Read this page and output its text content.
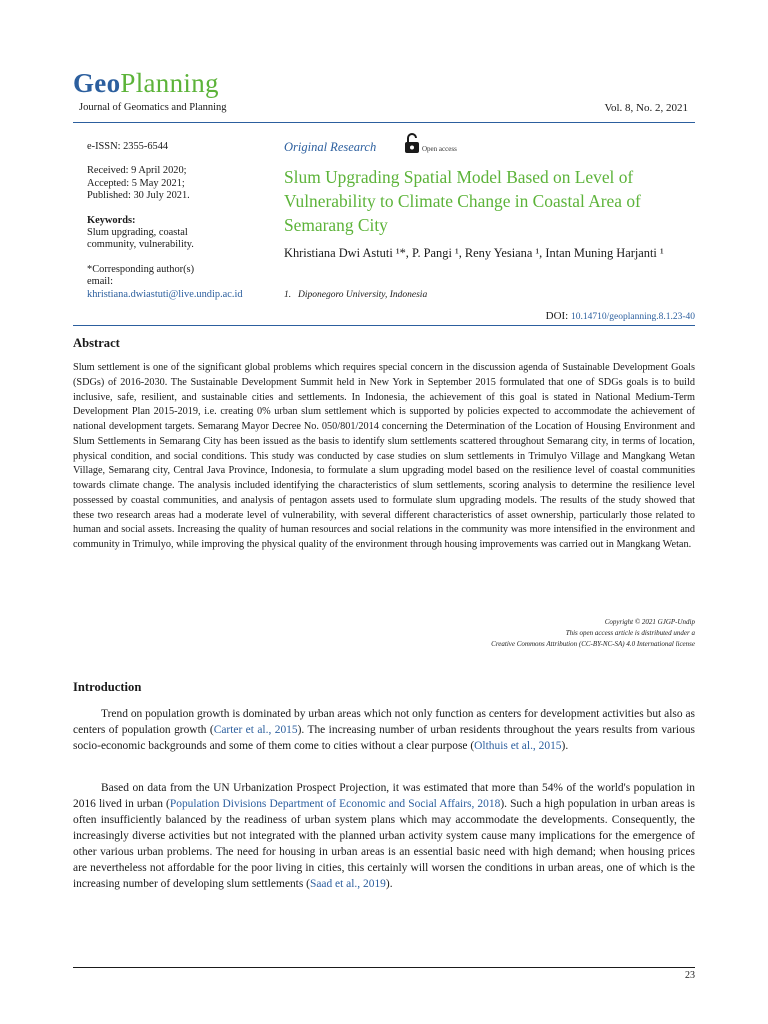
GeoPlanning
Journal of Geomatics and Planning	Vol. 8, No. 2, 2021
e-ISSN: 2355-6544
Received: 9 April 2020;
Accepted: 5 May 2021;
Published: 30 July 2021.
Keywords:
Slum upgrading, coastal
community, vulnerability.
*Corresponding author(s)
email:
khristiana.dwiastuti@live.undip.ac.id
Original Research	Open access
Slum Upgrading Spatial Model Based on Level of Vulnerability to Climate Change in Coastal Area of Semarang City
Khristiana Dwi Astuti ¹*, P. Pangi ¹, Reny Yesiana ¹, Intan Muning Harjanti ¹
1. Diponegoro University, Indonesia
DOI: 10.14710/geoplanning.8.1.23-40
Abstract
Slum settlement is one of the significant global problems which requires special concern in the discussion agenda of Sustainable Development Goals (SDGs) of 2016-2030. The Sustainable Development Summit held in New York in September 2015 formulated that one of SDGs goals is to build inclusive, safe, resilient, and sustainable cities and settlements. In Indonesia, the achievement of this goal is stated in National Medium-Term Development Plan 2015-2019, i.e. creating 0% urban slum settlement which is supported by policies expected to accommodate the achievement of national development targets. Semarang Mayor Decree No. 050/801/2014 concerning the Determination of the Location of Housing Environment and Slum Settlements in Semarang City has been issued as the basis to identify slum settlements scattered throughout Semarang city, in terms of location, physical condition, and social conditions. This study was conducted by case studies on slum settlements in Trimulyo Village and Mangkang Wetan Village, Semarang city, Central Java Province, Indonesia, to formulate a slum upgrading model based on the resilience level of coastal communities towards climate change. The analysis included identifying the characteristics of slum settlements, scoring analysis to determine the resilience level possessed by coastal communities, and analysis of pentagon assets used to formulate slum upgrading models. The results of the study showed that these two research areas had a moderate level of vulnerability, with several different characteristics of asset ownership, particularly those related to human and social assets. Increasing the quality of human resources and social relations in the community was more intensified in the environment and community in Trimulyo, while improving the physical quality of the environment through housing improvements was carried out in Mangkang Wetan.
Copyright © 2021 GJGP-Undip
This open access article is distributed under a
Creative Commons Attribution (CC-BY-NC-SA) 4.0 International license
Introduction
Trend on population growth is dominated by urban areas which not only function as centers for development activities but also as centers of population growth (Carter et al., 2015). The increasing number of urban residents throughout the years results from various socio-economic backgrounds and some of them come to cities without a clear purpose (Olthuis et al., 2015).
Based on data from the UN Urbanization Prospect Projection, it was estimated that more than 54% of the world's population in 2016 lived in urban (Population Divisions Department of Economic and Social Affairs, 2018). Such a high population in urban areas is often insufficiently balanced by the readiness of urban system plans which may accommodate the developments. Consequently, the increasingly diverse activities but not integrated with the planned urban activity system cause many implications for the emergence of other various urban problems. The need for housing in urban areas is an essential basic need with high demand; when housing prices are nevertheless not affordable for the poor living in cities, this certainly will worsen the conditions in urban areas, one of which is the increasing number of developing slum settlements (Saad et al., 2019).
23
